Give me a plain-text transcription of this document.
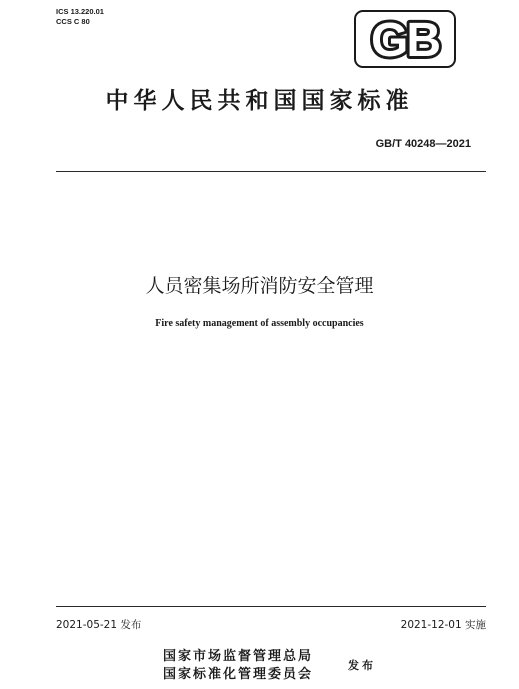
ICS 13.220.01
CCS C 80	GB
中华人民共和国国家标准
GB/T 40248—2021
人员密集场所消防安全管理
Fire safety management of assembly occupancies
2021-05-21 发布	2021-12-01 实施
国家市场监督管理总局
国家标准化管理委员会
发布
